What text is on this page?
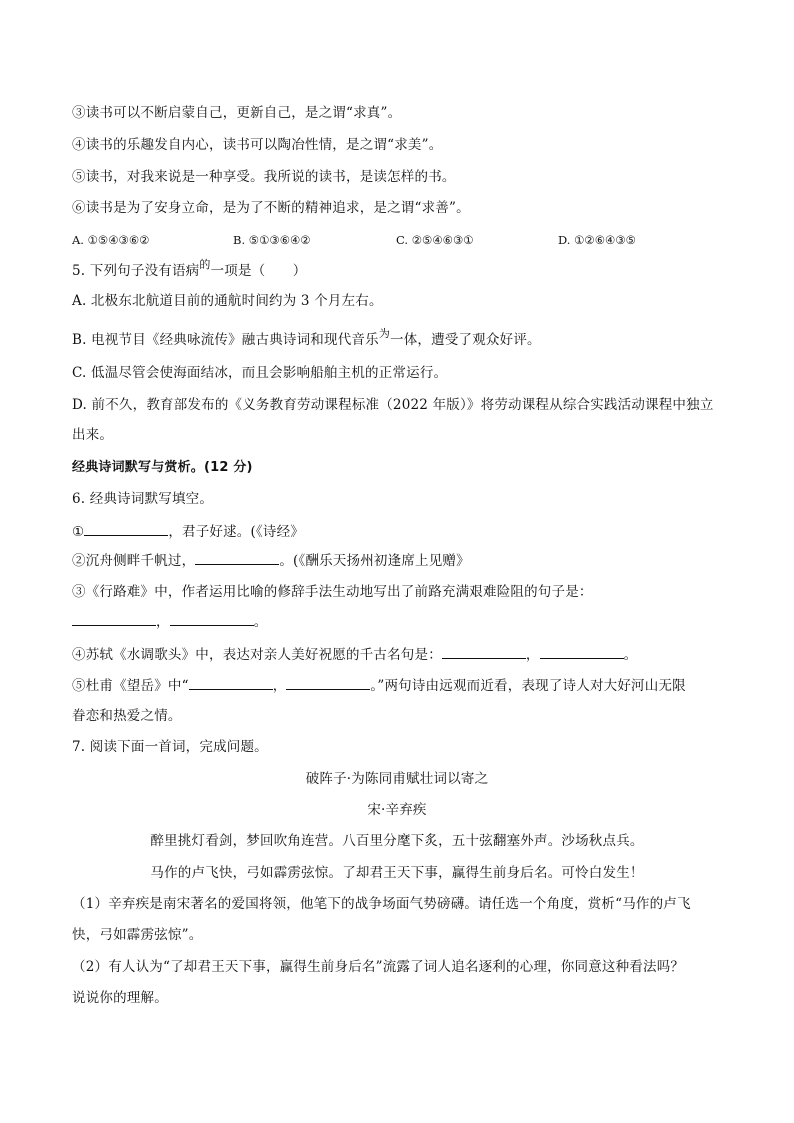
③读书可以不断启蒙自己，更新自己，是之谓“求真”。
④读书的乐趣发自内心，读书可以陶冶性情，是之谓“求美”。
⑤读书，对我来说是一种享受。我所说的读书，是读怎样的书。
⑥读书是为了安身立命，是为了不断的精神追求，是之谓“求善”。
A. ①⑤④③⑥②	B. ⑤①③⑥④②	C. ②⑤④⑥③①	D. ①②⑥④③⑤
5. 下列句子没有语病$^的$一项是（　　）
A. 北极东北航道目前的通航时间约为 3 个月左右。
B. 电视节目《经典咏流传》融古典诗词和现代音乐$^为$一体，遭受了观众好评。
C. 低温尽管会使海面结冰，而且会影响船舶主机的正常运行。
D. 前不久，教育部发布的《义务教育劳动课程标准（2022 年版）》将劳动课程从综合实践活动课程中独立
出来。
经典诗词默写与赏析。(12 分)
6. 经典诗词默写填空。
①	，君子好逑。(《诗经》
②沉舟侧畔千帆过，	。(《酬乐天扬州初逢席上见赠》
③《行路难》中，作者运用比喻的修辞手法生动地写出了前路充满艰难险阻的句子是：
，	。
④苏轼《水调歌头》中，表达对亲人美好祝愿的千古名句是：	，	。
⑤杜甫《望岳》中“	，	。”两句诗由远观而近看，表现了诗人对大好河山无限
眷恋和热爱之情。
7. 阅读下面一首词，完成问题。
破阵子·为陈同甫赋壮词以寄之
宋·辛弃疾
醉里挑灯看剑，梦回吹角连营。八百里分麾下炙，五十弦翻塞外声。沙场秋点兵。
马作的卢飞快，弓如霹雳弦惊。了却君王天下事，赢得生前身后名。可怜白发生！
（1）辛弃疾是南宋著名的爱国将领，他笔下的战争场面气势磅礴。请任选一个角度，赏析“马作的卢飞
快，弓如霹雳弦惊”。
（2）有人认为“了却君王天下事，赢得生前身后名”流露了词人追名逐利的心理，你同意这种看法吗？
说说你的理解。
